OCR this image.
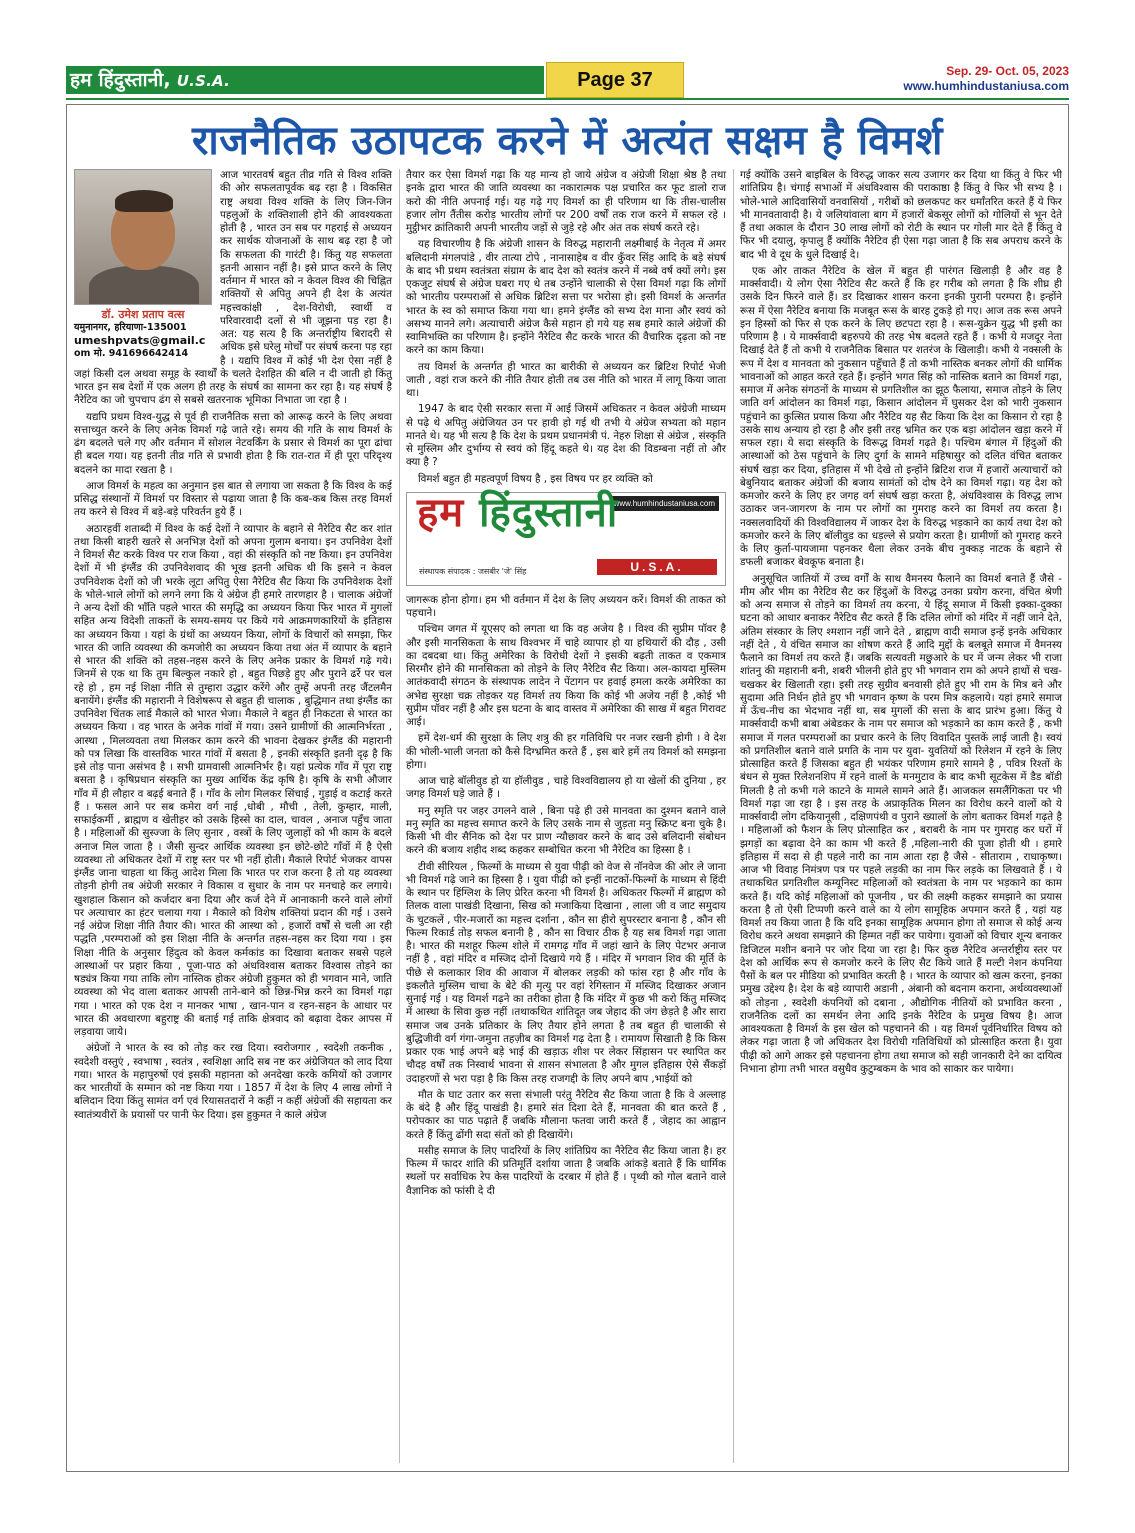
हम हिंदुस्तानी, U.S.A.	Page 37	Sep. 29- Oct. 05, 2023
www.humhindustaniusa.com
राजनैतिक उठापटक करने में अत्यंत सक्षम है विमर्श
डॉ. उमेश प्रताप वत्स
यमुनानगर, हरियाणा-135001
umeshpvats@gmail.c
om मो. 941696642414

आज भारतवर्ष बहुत तीव्र गति से विश्व शक्ति की ओर सफलतापूर्वक बढ़ रहा है । विकसित राष्ट्र अथवा विश्व शक्ति के लिए जिन-जिन पहलुओं के शक्तिशाली होने की आवश्यकता होती है , भारत उन सब पर गहराई से अध्ययन कर सार्थक योजनाओं के साथ बढ़ रहा है जो कि सफलता की गारंटी है। किंतु यह सफलता इतनी आसान नहीं है। इसे प्राप्त करने के लिए वर्तमान में भारत को न केवल विश्व की चिह्नित शक्तियों से अपितु अपने ही देश के अत्यंत महत्त्वकांक्षी , देश-विरोधी, स्वार्थी व परिवारवादी दलों से भी जूझना पड़ रहा है। अत: यह सत्य है कि अन्तर्राष्ट्रीय बिरादरी से अधिक इसे घरेलु मोर्चों पर संघर्ष करना पड़ रहा है । यद्यपि विश्व में कोई भी देश ऐसा नहीं है जहां किसी दल अथवा समूह के स्वार्थों के चलते देशहित की बलि न दी जाती हो किंतु भारत इन सब देशों में एक अलग ही तरह के संघर्ष का सामना कर रहा है। यह संघर्ष है नैरेटिव का जो चुपचाप ढंग से सबसे खतरनाक भूमिका निभाता जा रहा है ।

यद्यपि प्रथम विश्व-युद्ध से पूर्व ही राजनैतिक सत्ता को आरूढ़ करने के लिए अथवा सत्ताच्युत करने के लिए अनेक विमर्श गढ़े जाते रहे। समय की गति के साथ विमर्श के ढंग बदलते चले गए और वर्तमान में सोशल नेटवर्किंग के प्रसार से विमर्श का पूरा ढांचा ही बदल गया। यह इतनी तीव्र गति से प्रभावी होता है कि रात-रात में ही पूरा परिदृश्य बदलने का मादा रखता है ।

आज विमर्श के महत्व का अनुमान इस बात से लगाया जा सकता है कि विश्व के कई प्रसिद्ध संस्थानों में विमर्श पर विस्तार से पढ़ाया जाता है कि कब-कब किस तरह विमर्श तय करने से विश्व में बड़े-बड़े परिवर्तन हुये हैं ।

अठारहवीं शताब्दी में विश्व के कई देशों ने व्यापार के बहाने से नैरेटिव सैट कर शांत तथा किसी बाहरी खतरे से अनभिज्ञ देशों को अपना गुलाम बनाया। इन उपनिवेश देशों ने विमर्श सैट करके विश्व पर राज किया , वहां की संस्कृति को नष्ट किया। इन उपनिवेश देशों में भी इंग्लैंड की उपनिवेशवाद की भूख इतनी अधिक थी कि इसने न केवल उपनिवेशक देशों को जी भरके लूटा अपितु ऐसा नैरेटिव सैट किया कि उपनिवेशक देशों के भोले-भाले लोगों को लगने लगा कि ये अंग्रेज ही हमारे तारणहार है । चालाक अंग्रेजों ने अन्य देशों की भाँति पहले भारत की समृद्धि का अध्ययन किया फिर भारत में मुगलों सहित अन्य विदेशी ताकतों के समय-समय पर किये गये आक्रमणकारियों के इतिहास का अध्ययन किया । यहां के ग्रंथों का अध्ययन किया, लोगों के विचारों को समझा, फिर भारत की जाति व्यवस्था की कमजोरी का अध्ययन किया तथा अंत में व्यापार के बहाने से भारत की शक्ति को तहस-नहस करने के लिए अनेक प्रकार के विमर्श गढ़े गये। जिनमें से एक था कि तुम बिल्कुल नकारे हो , बहुत पिछड़े हुए और पुराने ढर्रे पर चल रहे हो , हम नई शिक्षा नीति से तुम्हारा उद्धार करेंगे और तुम्हें अपनी तरह जैंटलमैन बनायेंगे। इंग्लैंड की महारानी ने विशेषरूप से बहुत ही चालाक , बुद्धिमान तथा इंग्लैंड का उपनिवेश चिंतक लार्ड मैकाले को भारत भेजा। मैकाले ने बहुत ही निकटता से भारत का अध्ययन किया । वह भारत के अनेक गांवों में गया। उसने ग्रामीणों की आत्मनिर्भरता , आस्था , मिलव्यवता तथा मिलकर काम करने की भावना देखकर इंग्लैंड की महारानी को पत्र लिखा कि वास्तविक भारत गांवों में बसता है , इनकी संस्कृति इतनी दृढ़ है कि इसे तोड़ पाना असंभव है । सभी ग्रामवासी आत्मनिर्भर है। यहां प्रत्येक गाँव में पूरा राष्ट्र बसता है । कृषिप्रधान संस्कृति का मुख्य आर्थिक केंद्र कृषि है। कृषि के सभी औजार गाँव में ही लौहार व बढ़ई बनाते हैं । गाँव के लोग मिलकर सिंचाई , गुड़ाई व कटाई करते हैं । फसल आने पर सब कमेरा वर्ग नाई ,धोबी , मौची , तेली, कुम्हार, माली, सफाईकर्मी , ब्राह्मण व खेतीहर को उसके हिस्से का दाल, चावल , अनाज पहुँच जाता है । महिलाओं की सुस्ज्जा के लिए सुनार , वस्त्रों के लिए जुलाहों को भी काम के बदले अनाज मिल जाता है । जैसी सुन्दर आर्थिक व्यवस्था इन छोटे-छोटे गाँवों में है ऐसी व्यवस्था तो अधिकतर देशों में राष्ट्र स्तर पर भी नहीं होती। मैकाले रिपोर्ट भेजकर वापस इंग्लैंड जाना चाहता था किंतु आदेश मिला कि भारत पर राज करना है तो यह व्यवस्था तोड़नी होगी तब अंग्रेजी सरकार ने विकास व सुधार के नाम पर मनचाहे कर लगाये। खुशहाल किसान को कर्जदार बना दिया और कर्ज देने में आनाकानी करने वाले लोगों पर अत्याचार का हंटर चलाया गया । मैकाले को विशेष शक्तियां प्रदान की गई । उसने नई अंग्रेज शिक्षा नीति तैयार की। भारत की आस्था को , हजारों वर्षों से चली आ रही पद्धति ,परम्पराओं को इस शिक्षा नीति के अन्तर्गत तहस-नहस कर दिया गया । इस शिक्षा नीति के अनुसार हिंदुत्व को केवल कर्मकांड का दिखावा बताकर सबसे पहले आस्थाओं पर प्रहार किया , पूजा-पाठ को अंधविश्वास बताकर विश्वास तोड़ने का षड्यंत्र किया गया ताकि लोग नास्तिक होकर अंग्रेजी हुकुमत को ही भगवान माने, जाति व्यवस्था को भेद वाला बताकर आपसी ताने-बाने को छिन्न-भिन्न करने का विमर्श गढ़ा गया । भारत को एक देश न मानकर भाषा , खान-पान व रहन-सहन के आधार पर भारत की अवधारणा बहुराष्ट्र की बताई गई ताकि क्षेत्रवाद को बढ़ावा देकर आपस में लड़वाया जाये।

अंग्रेजों ने भारत के स्व को तोड़ कर रख दिया। स्वरोजगार , स्वदेशी तकनीक , स्वदेशी वस्तुएं , स्वभाषा , स्वतंत्र , स्वशिक्षा आदि सब नष्ट कर अंग्रेजियत को लाद दिया गया। भारत के महापुरुषों एवं इसकी महानता को अनदेखा करके कमियों को उजागर कर भारतीयों के सम्मान को नष्ट किया गया । 1857 में देश के लिए 4 लाख लोगों ने बलिदान दिया किंतु सामंत वर्ग एवं रियासतदारों ने कहीं न कहीं अंग्रेजों की सहायता कर स्वातंत्र्यवीरों के प्रयासों पर पानी फेर दिया। इस हुकुमत ने काले अंग्रेज

तैयार कर ऐसा विमर्श गढ़ा कि यह मान्य हो जाये अंग्रेज व अंग्रेजी शिक्षा श्रेष्ठ है तथा इनके द्वारा भारत की जाति व्यवस्था का नकारात्मक पक्ष प्रचारित कर फूट डालो राज करो की नीति अपनाई गई। यह गढ़े गए विमर्श का ही परिणाम था कि तीस-चालीस हजार लोग तैंतीस करोड़ भारतीय लोगों पर 200 वर्षों तक राज करने में सफल रहे । मुट्ठीभर क्रांतिकारी अपनी भारतीय जड़ों से जुड़े रहे और अंत तक संघर्ष करते रहे।

यह विचारणीय है कि अंग्रेजी शासन के विरुद्ध महारानी लक्ष्मीबाई के नेतृत्व में अमर बलिदानी मंगलपांडे , वीर तात्या टोपे , नानासाहेब व वीर कुँवर सिंह आदि के बड़े संघर्ष के बाद भी प्रथम स्वतंत्रता संग्राम के बाद देश को स्वतंत्र करने में नब्बे वर्ष क्यों लगे। इस एकजुट संघर्ष से अंग्रेज घबरा गए थे तब उन्होंने चालाकी से ऐसा विमर्श गढ़ा कि लोगों को भारतीय परम्पराओं से अधिक ब्रिटिश सत्ता पर भरोसा हो। इसी विमर्श के अन्तर्गत भारत के स्व को समाप्त किया गया था। हमने इंग्लैंड को सभ्य देश माना और स्वयं को असभ्य मानने लगे। अत्याचारी अंग्रेज कैसे महान हो गये यह सब हमारे काले अंग्रेजों की स्वामिभक्ति का परिणाम है। इन्होंने नैरेटिव सैट करके भारत की वैचारिक दृढ़ता को नष्ट करने का काम किया।

तय विमर्श के अन्तर्गत ही भारत का बारीकी से अध्ययन कर ब्रिटिश रिपोर्ट भेजी जाती , वहां राज करने की नीति तैयार होती तब उस नीति को भारत में लागू किया जाता था।

1947 के बाद ऐसी सरकार सत्ता में आई जिसमें अधिकतर न केवल अंग्रेजी माध्यम से पढ़े थे अपितु अंग्रेजियत उन पर हावी हो गई थी तभी ये अंग्रेज सभ्यता को महान मानते थे। यह भी सत्य है कि देश के प्रथम प्रधानमंत्री पं. नेहरु शिक्षा से अंग्रेज , संस्कृति से मुस्लिम और दुर्भाग्य से स्वयं को हिंदू कहते थे। यह देश की विडम्बना नहीं तो और क्या है ?

विमर्श बहुत ही महत्वपूर्ण विषय है , इस विषय पर हर व्यक्ति को

www.humhindustaniusa.com
हम हिंदुस्तानी
संस्थापक संपादक : जसबीर 'जे' सिंह	U.S.A.

जागरूक होना होगा। हम भी वर्तमान में देश के लिए अध्ययन करें। विमर्श की ताकत को पहचाने।

पश्चिम जगत में यूएसए को लगता था कि वह अजेय है । विश्व की सुप्रीम पॉवर है और इसी मानसिकता के साथ विश्वभर में चाहे व्यापार हो या हथियारों की दौड़ , उसी का दबदबा था। किंतु अमेरिका के विरोधी देशों ने इसकी बढ़ती ताकत व एकमात्र सिरमौर होने की मानसिकता को तोड़ने के लिए नैरेटिव सैट किया। अल-कायदा मुस्लिम आतंकवादी संगठन के संस्थापक लादेन ने पेंटागन पर हवाई हमला करके अमेरिका का अभेद्य सुरक्षा चक्र तोड़कर यह विमर्श तय किया कि कोई भी अजेय नहीं है ,कोई भी सुप्रीम पॉवर नहीं है और इस घटना के बाद वास्तव में अमेरिका की साख में बहुत गिरावट आई।

हमें देश-धर्म की सुरक्षा के लिए शत्रु की हर गतिविधि पर नजर रखनी होगी । वे देश की भोली-भाली जनता को कैसे दिग्भ्रमित करते हैं , इस बारे हमें तय विमर्श को समझना होगा।

आज चाहे बॉलीवुड हो या हॉलीवुड , चाहे विश्वविद्यालय हो या खेलों की दुनिया , हर जगह विमर्श घड़े जाते हैं ।

मनु स्मृति पर जहर उगलने वाले , बिना पढ़े ही उसे मानवता का दुश्मन बताने वाले मनु स्मृति का महत्त्व समाप्त करने के लिए उसके नाम से जुड़ता मनु स्क्रिप्ट बना चुके है। किसी भी वीर सैनिक को देश पर प्राण न्यौछावर करने के बाद उसे बलिदानी संबोधन करने की बजाय शहीद शब्द कहकर सम्बोधित करना भी नैरेटिव का हिस्सा है ।

टीवी सीरियल , फिल्मों के माध्यम से युवा पीढ़ी को वेज से नॉनवेज की ओर ले जाना भी विमर्श गढ़े जाने का हिस्सा है । युवा पीढ़ी को इन्हीं नाटकों-फिल्मों के माध्यम से हिंदी के स्थान पर हिंग्लिश के लिए प्रेरित करना भी विमर्श है। अधिकतर फिल्मों में ब्राह्मण को तिलक वाला पाखंडी दिखाना, सिख को मजाकिया दिखाना , लाला जी व जाट समुदाय के चुटकलें , पीर-मजारों का महत्त्व दर्शाना , कौन सा हीरो सुपरस्टार बनाना है , कौन सी फिल्म रिकार्ड तोड़ सफल बनानी है , कौन सा विचार ठीक है यह सब विमर्श गढ़ा जाता है। भारत की मशहूर फिल्म शोले में रामगढ़ गाँव में जहां खाने के लिए पेटभर अनाज नहीं है , वहां मंदिर व मस्जिद दोनों दिखाये गये हैं । मंदिर में भगवान शिव की मूर्ति के पीछे से कलाकार शिव की आवाज में बोलकर लड़की को फांस रहा है और गाँव के इकलौते मुस्लिम चाचा के बेटे की मृत्यु पर वहां रेगिस्तान में मस्जिद दिखाकर अजान सुनाई गई । यह विमर्श गढ़ने का तरीका होता है कि मंदिर में कुछ भी करो किंतु मस्जिद में आस्था के सिवा कुछ नहीं ।तथाकथित शांतिदूत जब जेहाद की जंग छेड़ते है और सारा समाज जब उनके प्रतिकार के लिए तैयार होने लगता है तब बहुत ही चालाकी से बुद्धिजीवी वर्ग गंगा-जमुना तहज़ीब का विमर्श गढ़ देता है । रामायण सिखाती है कि किस प्रकार एक भाई अपने बड़े भाई की खड़ाऊ शीश पर लेकर सिंहासन पर स्थापित कर चौदह वर्षों तक निस्वार्थ भावना से शासन संभालता है और मुगल इतिहास ऐसे सैंकड़ों उदाहरणों से भरा पड़ा है कि किस तरह राजगद्दी के लिए अपने बाप ,भाईयों को

मौत के घाट उतार कर सत्ता संभाली परंतु नैरेटिव सैट किया जाता है कि वे अल्लाह के बंदे है और हिंदू पाखंडी है। हमारे संत दिशा देते हैं, मानवता की बात करते हैं , परोपकार का पाठ पढ़ाते हैं जबकि मौलाना फतवा जारी करते हैं , जेहाद का आह्वान करते हैं किंतु ढोंगी सदा संतों को ही दिखायेंगे।

मसीह समाज के लिए पादरियों के लिए शांतिप्रिय का नैरेटिव सैट किया जाता है। हर फिल्म में फादर शांति की प्रतिमूर्ति दर्शाया जाता है जबकि आंकड़े बताते हैं कि धार्मिक स्थलों पर सर्वाधिक रेप केस पादरियों के दरबार में होते हैं । पृथ्वी को गोल बताने वाले वैज्ञानिक को फांसी दे दी

गई क्योंकि उसने बाइबिल के विरुद्ध जाकर सत्य उजागर कर दिया था किंतु वे फिर भी शांतिप्रिय है। चंगाई सभाओं में अंधविश्वास की पराकाष्ठा है किंतु वे फिर भी सभ्य है । भोले-भाले आदिवासियों वनवासियों , गरीबों को छलकपट कर धर्मांतरित करते हैं ये फिर भी मानवतावादी है। ये जलियांवाला बाग में हजारों बेकसूर लोगों को गोलियों से भून देते हैं तथा अकाल के दौरान 30 लाख लोगों को रोटी के स्थान पर गोली मार देते हैं किंतु वे फिर भी दयालु, कृपालु हैं क्योंकि नैरेटिव ही ऐसा गढ़ा जाता है कि सब अपराध करने के बाद भी वे दूध के धुले दिखाई दे।

एक ओर ताकत नैरेटिव के खेल में बहुत ही पारंगत खिलाड़ी है और वह है मार्क्सवादी। ये लोग ऐसा नैरेटिव सैट करते हैं कि हर गरीब को लगता है कि शीघ्र ही उसके दिन फिरने वाले हैं। डर दिखाकर शासन करना इनकी पुरानी परम्परा है। इन्होंने रूस में ऐसा नैरेटिव बनाया कि मजबूत रूस के बारह टुकड़े हो गए। आज तक रूस अपने इन हिस्सों को फिर से एक करने के लिए छटपटा रहा है । रूस-युक्रेन युद्ध भी इसी का परिणाम है । ये मार्क्सवादी बहरुपये की तरह भेष बदलते रहते हैं । कभी ये मजदूर नेता दिखाई देते हैं तो कभी ये राजनैतिक बिसात पर शतरंज के खिलाड़ी। कभी ये नक्सली के रूप में देश व मानवता को नुकसान पहुँचाते हैं तो कभी नास्तिक बनकर लोगों की धार्मिक भावनाओं को आहत करते रहते हैं। इन्होंने भगत सिंह को नास्तिक बताने का विमर्श गढ़ा, समाज में अनेक संगठनों के माध्यम से प्रगतिशील का झूठ फैलाया, समाज तोड़ने के लिए जाति वर्ग आंदोलन का विमर्श गढ़ा, किसान आंदोलन में घुसकर देश को भारी नुकसान पहुंचाने का कुत्सित प्रयास किया और नैरेटिव यह सैट किया कि देश का किसान रो रहा है उसके साथ अन्याय हो रहा है और इसी तरह भ्रमित कर एक बड़ा आंदोलन खड़ा करने में सफल रहा। ये सदा संस्कृति के विरूद्ध विमर्श गढ़ते है। पश्चिम बंगाल में हिंदुओं की आस्थाओं को ठेस पहुंचाने के लिए दुर्गा के सामने महिषासुर को दलित वंचित बताकर संघर्ष खड़ा कर दिया, इतिहास में भी देखे तो इन्होंने ब्रिटिश राज में हजारों अत्याचारों को बेबुनियाद बताकर अंग्रेजों की बजाय सामंतों को दोष देने का विमर्श गढ़ा। यह देश को कमजोर करने के लिए हर जगह वर्ग संघर्ष खड़ा करता है, अंधविश्वास के विरुद्ध लाभ उठाकर जन-जागरण के नाम पर लोगों का गुमराह करने का विमर्श तय करता है। नक्सलवादियों की विश्वविद्यालय में जाकर देश के विरुद्ध भड़काने का कार्य तथा देश को कमजोर करने के लिए बॉलीवुड का धड़ल्ले से प्रयोग करता है। ग्रामीणों को गुमराह करने के लिए कुर्ता-पायजामा पहनकर थैला लेकर उनके बीच नुक्कड़ नाटक के बहाने से डफली बजाकर बेवकूफ बनाता है।

अनुसूचित जातियों में उच्च वर्गों के साथ वैमनस्य फैलाने का विमर्श बनाते हैं जैसे - मीम और भीम का नैरेटिव सैट कर हिंदुओं के विरुद्ध उनका प्रयोग करना, वंचित श्रेणी को अन्य समाज से तोड़ने का विमर्श तय करना, ये हिंदू समाज में किसी इक्का-दुक्का घटना को आधार बनाकर नैरेटिव सैट करते हैं कि दलित लोगों को मंदिर में नहीं जाने देते, अंतिम संस्कार के लिए श्मशान नहीं जाने देते , ब्राह्मण वादी समाज इन्हें इनके अधिकार नहीं देते , ये वंचित समाज का शोषण करते हैं आदि मुद्दों के बलबूते समाज में वैमनस्य फैलाने का विमर्श तय करते हैं। जबकि सत्यवती मछुआरे के घर में जन्म लेकर भी राजा शांतनु की महारानी बनी, शबरी भीलनी होते हुए भी भगवान राम को अपने हाथों से चख-चखकर बेर खिलाती रहा। इसी तरह सुग्रीव बनवासी होते हुए भी राम के मित्र बने और सुदामा अति निर्धन होते हुए भी भगवान कृष्ण के परम मित्र कहलाये। यहां हमारे समाज में ऊँच-नीच का भेदभाव नहीं था, सब मुगलों की सत्ता के बाद प्रारंभ हुआ। किंतु ये मार्क्सवादी कभी बाबा अंबेडकर के नाम पर समाज को भड़काने का काम करते हैं , कभी समाज में गलत परम्पराओं का प्रचार करने के लिए विवादित पुस्तकें लाई जाती है। स्वयं को प्रगतिशील बताने वाले प्रगति के नाम पर युवा- युवतियों को रिलेशन में रहने के लिए प्रोत्साहित करते हैं जिसका बहुत ही भयंकर परिणाम हमारे सामने है , पवित्र रिश्तों के बंधन से मुक्त रिलेशनशिप में रहने वालों के मनमुटाव के बाद कभी सूटकेस में डैड बॉडी मिलती है तो कभी गले काटने के मामले सामने आते हैं। आजकल समलैंगिकता पर भी विमर्श गढ़ा जा रहा है । इस तरह के अप्राकृतिक मिलन का विरोध करने वालों को ये मार्क्सवादी लोग दकियानूसी , दक्षिणपंथी व पुराने ख्यालों के लोग बताकर विमर्श गढ़ते है । महिलाओं को फैशन के लिए प्रोत्साहित कर , बराबरी के नाम पर गुमराह कर घरों में झगड़ों का बढ़ावा देने का काम भी करते हैं ,महिला-नारी की पूजा होती थी । हमारे इतिहास में सदा से ही पहले नारी का नाम आता रहा है जैसे - सीताराम , राधाकृष्ण। आज भी विवाह निमंत्रण पत्र पर पहले लड़की का नाम फिर लड़के का लिखवाते हैं । ये तथाकथित प्रगतिशील कम्यूनिस्ट महिलाओं को स्वतंत्रता के नाम पर भड़काने का काम करते हैं। यदि कोई महिलाओं को पूजनीय , घर की लक्ष्मी कहकर समझाने का प्रयास करता है तो ऐसी टिप्पणी करने वाले का ये लोग सामूहिक अपमान करते हैं , यहां यह विमर्श तय किया जाता है कि यदि इनका सामूहिक अपमान होगा तो समाज से कोई अन्य विरोध करने अथवा समझाने की हिम्मत नहीं कर पायेगा। युवाओं को विचार शून्य बनाकर डिजिटल मशीन बनाने पर जोर दिया जा रहा है। फिर कुछ नैरेटिव अन्तर्राष्ट्रीय स्तर पर देश को आर्थिक रूप से कमजोर करने के लिए सैट किये जाते हैं मल्टी नेशन कंपनिया पैसों के बल पर मीडिया को प्रभावित करती है । भारत के व्यापार को खत्म करना, इनका प्रमुख उद्देश्य है। देश के बड़े व्यापारी अडानी , अंबानी को बदनाम कराना, अर्थव्यवस्थाओं को तोड़ना , स्वदेशी कंपनियों को दबाना , औद्योगिक नीतियों को प्रभावित करना , राजनैतिक दलों का समर्थन लेना आदि इनके नैरेटिव के प्रमुख विषय है। आज आवश्यकता है विमर्श के इस खेल को पहचानने की । यह विमर्श पूर्वनिर्धारित विषय को लेकर गढ़ा जाता है जो अधिकतर देश विरोधी गतिविधियों को प्रोत्साहित करता है। युवा पीढ़ी को आगे आकर इसे पहचानना होगा तथा समाज को सही जानकारी देने का दायित्व निभाना होगा तभी भारत वसुधैव कुटुम्बकम के भाव को साकार कर पायेगा।
